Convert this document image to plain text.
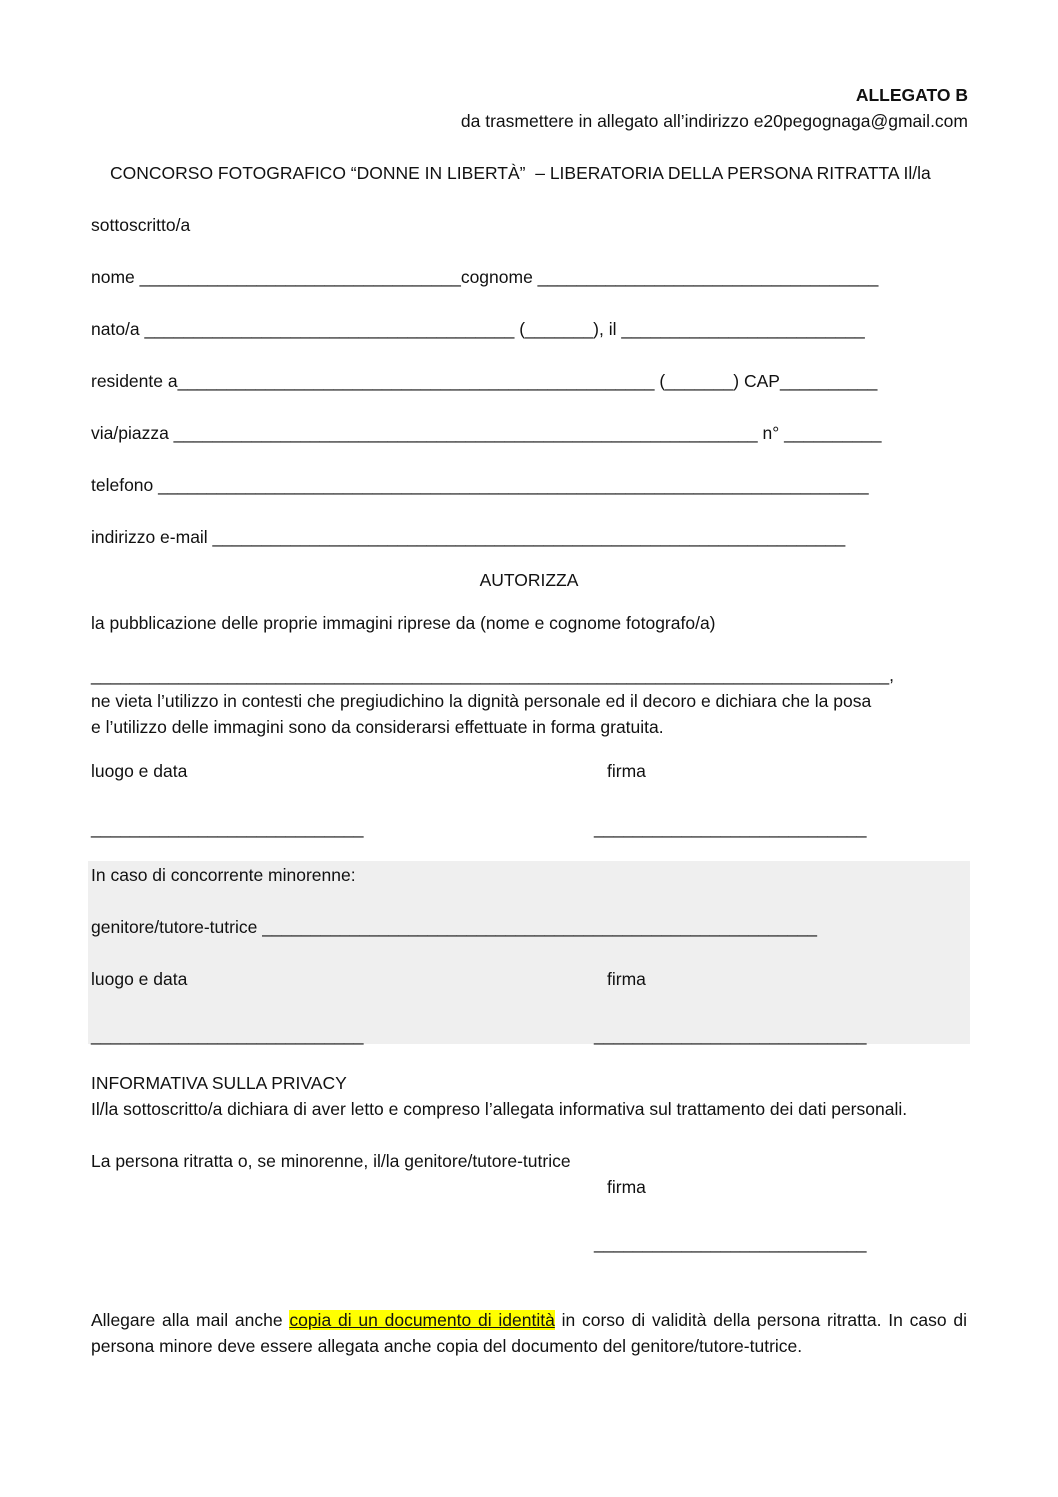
ALLEGATO B
da trasmettere in allegato all’indirizzo e20pegognaga@gmail.com
CONCORSO FOTOGRAFICO “DONNE IN LIBERTÀ”  – LIBERATORIA DELLA PERSONA RITRATTA Il/la
sottoscritto/a
nome _________________________________cognome ___________________________________
nato/a ______________________________________ (_______), il _________________________
residente a_________________________________________________ (_______) CAP__________
via/piazza ____________________________________________________________ n° __________
telefono _________________________________________________________________________
indirizzo e-mail _________________________________________________________________
AUTORIZZA
la pubblicazione delle proprie immagini riprese da (nome e cognome fotografo/a)
__________________________________________________________________________________,
ne vieta l’utilizzo in contesti che pregiudichino la dignità personale ed il decoro e dichiara che la posa
e l’utilizzo delle immagini sono da considerarsi effettuate in forma gratuita.
luogo e data	firma
____________________________	____________________________
In caso di concorrente minorenne:
genitore/tutore-tutrice _________________________________________________________
luogo e data	firma
____________________________	____________________________
INFORMATIVA SULLA PRIVACY
Il/la sottoscritto/a dichiara di aver letto e compreso l’allegata informativa sul trattamento dei dati personali.
La persona ritratta o, se minorenne, il/la genitore/tutore-tutrice
firma
____________________________
Allegare alla mail anche copia di un documento di identità in corso di validità della persona ritratta. In caso di persona minore deve essere allegata anche copia del documento del genitore/tutore-tutrice.
